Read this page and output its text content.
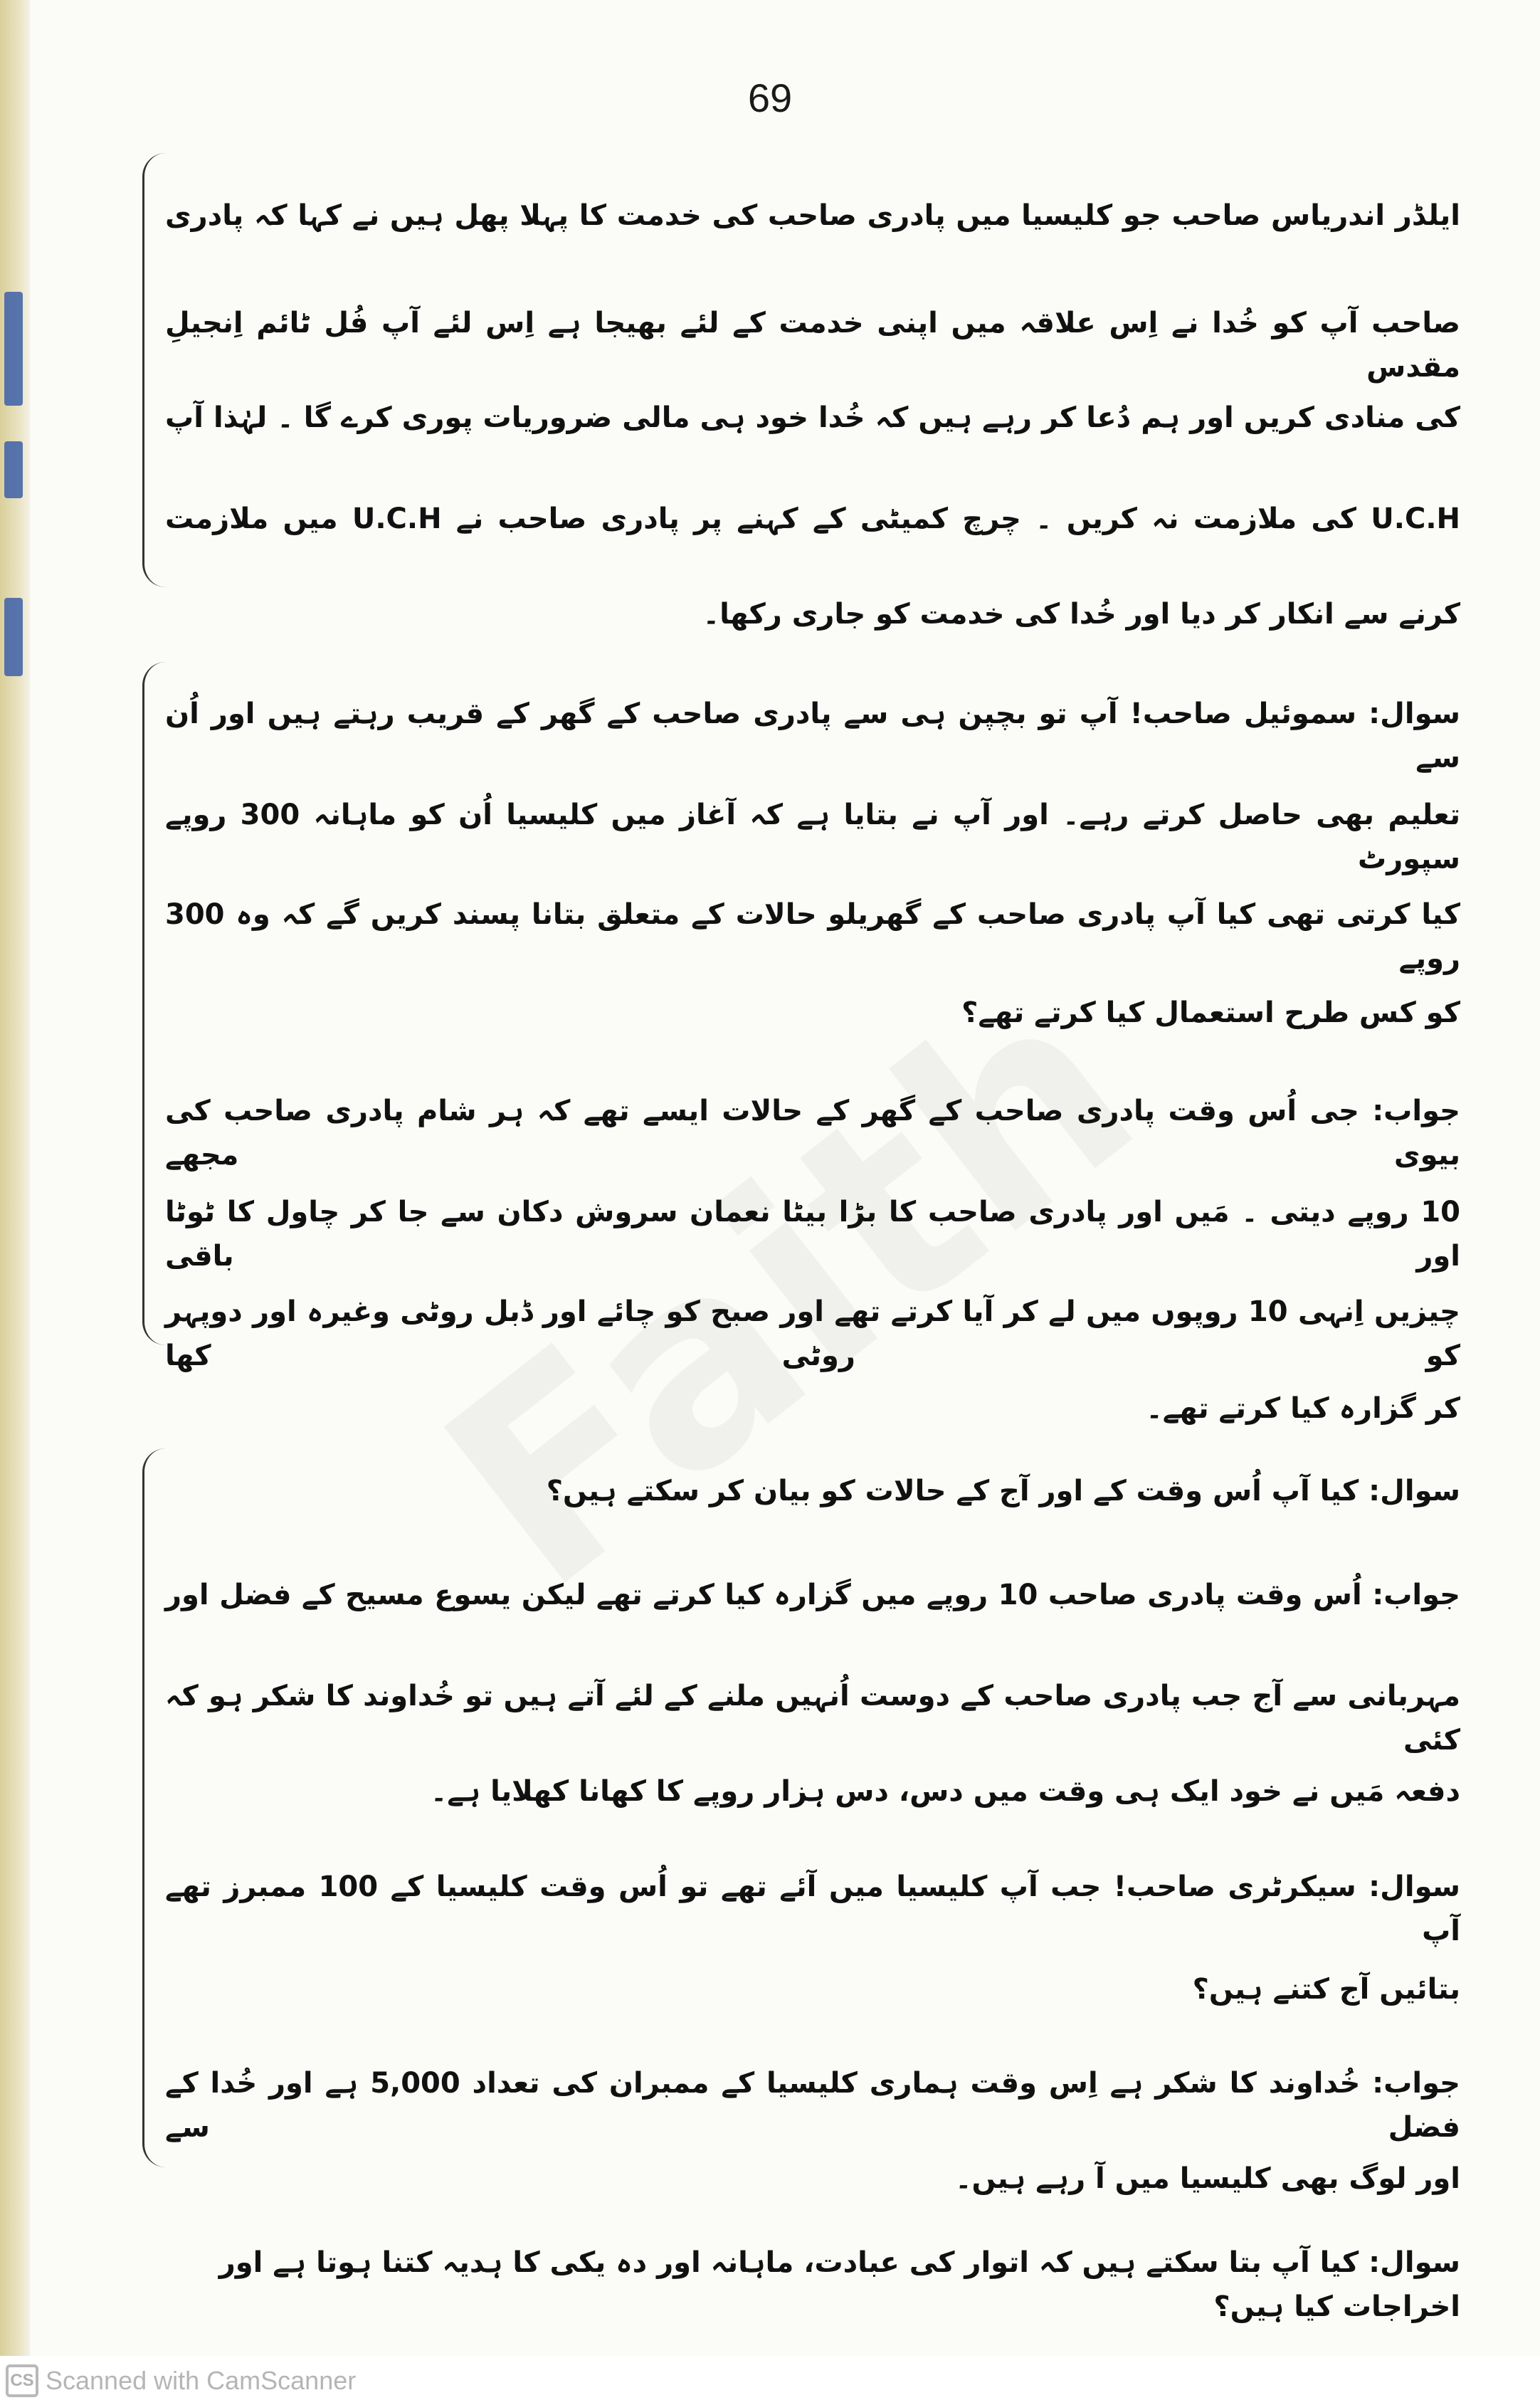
69
ایلڈر اندریاس صاحب جو کلیسیا میں پادری صاحب کی خدمت کا پہلا پھل ہیں نے کہا کہ پادری
صاحب آپ کو خُدا نے اِس علاقہ میں اپنی خدمت کے لئے بھیجا ہے اِس لئے آپ فُل ٹائم اِنجیلِ مقدس
کی منادی کریں اور ہم دُعا کر رہے ہیں کہ خُدا خود ہی مالی ضروریات پوری کرے گا ۔ لہٰذا آپ
U.C.H کی ملازمت نہ کریں ۔ چرچ کمیٹی کے کہنے پر پادری صاحب نے U.C.H میں ملازمت
کرنے سے انکار کر دیا اور خُدا کی خدمت کو جاری رکھا۔
سوال: سموئیل صاحب! آپ تو بچپن ہی سے پادری صاحب کے گھر کے قریب رہتے ہیں اور اُن سے
تعلیم بھی حاصل کرتے رہے۔ اور آپ نے بتایا ہے کہ آغاز میں کلیسیا اُن کو ماہانہ 300 روپے سپورٹ
کیا کرتی تھی کیا آپ پادری صاحب کے گھریلو حالات کے متعلق بتانا پسند کریں گے کہ وہ 300 روپے
کو کس طرح استعمال کیا کرتے تھے؟
جواب: جی اُس وقت پادری صاحب کے گھر کے حالات ایسے تھے کہ ہر شام پادری صاحب کی بیوی مجھے
10 روپے دیتی ۔ مَیں اور پادری صاحب کا بڑا بیٹا نعمان سروش دکان سے جا کر چاول کا ٹوٹا اور باقی
چیزیں اِنہی 10 روپوں میں لے کر آیا کرتے تھے اور صبح کو چائے اور ڈبل روٹی وغیرہ اور دوپہر کو روٹی کھا
کر گزارہ کیا کرتے تھے۔
سوال: کیا آپ اُس وقت کے اور آج کے حالات کو بیان کر سکتے ہیں؟
جواب: اُس وقت پادری صاحب 10 روپے میں گزارہ کیا کرتے تھے لیکن یسوع مسیح کے فضل اور
مہربانی سے آج جب پادری صاحب کے دوست اُنہیں ملنے کے لئے آتے ہیں تو خُداوند کا شکر ہو کہ کئی
دفعہ مَیں نے خود ایک ہی وقت میں دس، دس ہزار روپے کا کھانا کھلایا ہے۔
سوال: سیکرٹری صاحب! جب آپ کلیسیا میں آئے تھے تو اُس وقت کلیسیا کے 100 ممبرز تھے آپ
بتائیں آج کتنے ہیں؟
جواب: خُداوند کا شکر ہے اِس وقت ہماری کلیسیا کے ممبران کی تعداد 5,000 ہے اور خُدا کے فضل سے
اور لوگ بھی کلیسیا میں آ رہے ہیں۔
سوال: کیا آپ بتا سکتے ہیں کہ اتوار کی عبادت، ماہانہ اور دہ یکی کا ہدیہ کتنا ہوتا ہے اور اخراجات کیا ہیں؟
CS Scanned with CamScanner
